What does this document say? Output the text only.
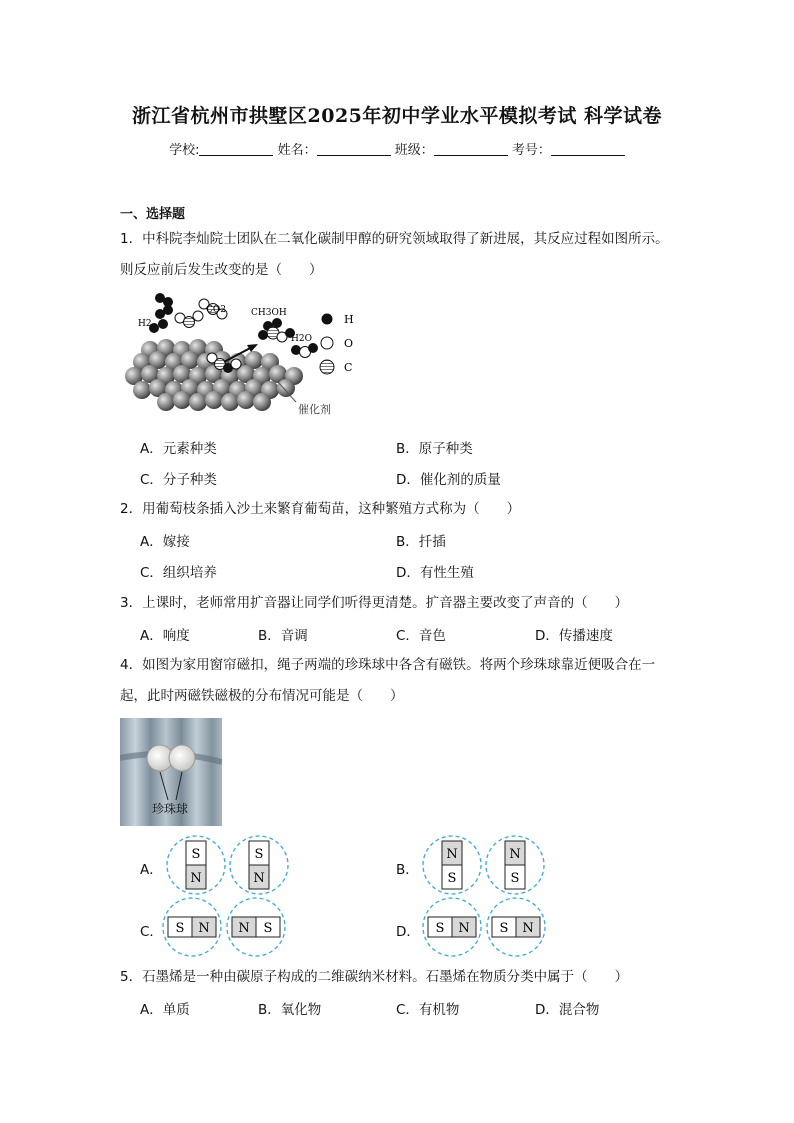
浙江省杭州市拱墅区2025年初中学业水平模拟考试 科学试卷
学校:	姓名：	班级：	考号：
一、选择题
1．中科院李灿院士团队在二氧化碳制甲醇的研究领域取得了新进展，其反应过程如图所示。
则反应前后发生改变的是（　　）
H2
CO2	CH3OH
H2O
H
O
C
催化剂
A．元素种类	B．原子种类
C．分子种类	D．催化剂的质量
2．用葡萄枝条插入沙土来繁育葡萄苗，这种繁殖方式称为（　　）
A．嫁接	B．扦插
C．组织培养	D．有性生殖
3．上课时，老师常用扩音器让同学们听得更清楚。扩音器主要改变了声音的（　　）
A．响度	B．音调	C．音色	D．传播速度
4．如图为家用窗帘磁扣，绳子两端的珍珠球中各含有磁铁。将两个珍珠球靠近便吸合在一
起，此时两磁铁磁极的分布情况可能是（　　）
珍珠球
A．
S
N
S
N
B．
N
S
N
S
C． S N N S	D． S N S N
5．石墨烯是一种由碳原子构成的二维碳纳米材料。石墨烯在物质分类中属于（　　）
A．单质	B．氧化物	C．有机物	D．混合物
